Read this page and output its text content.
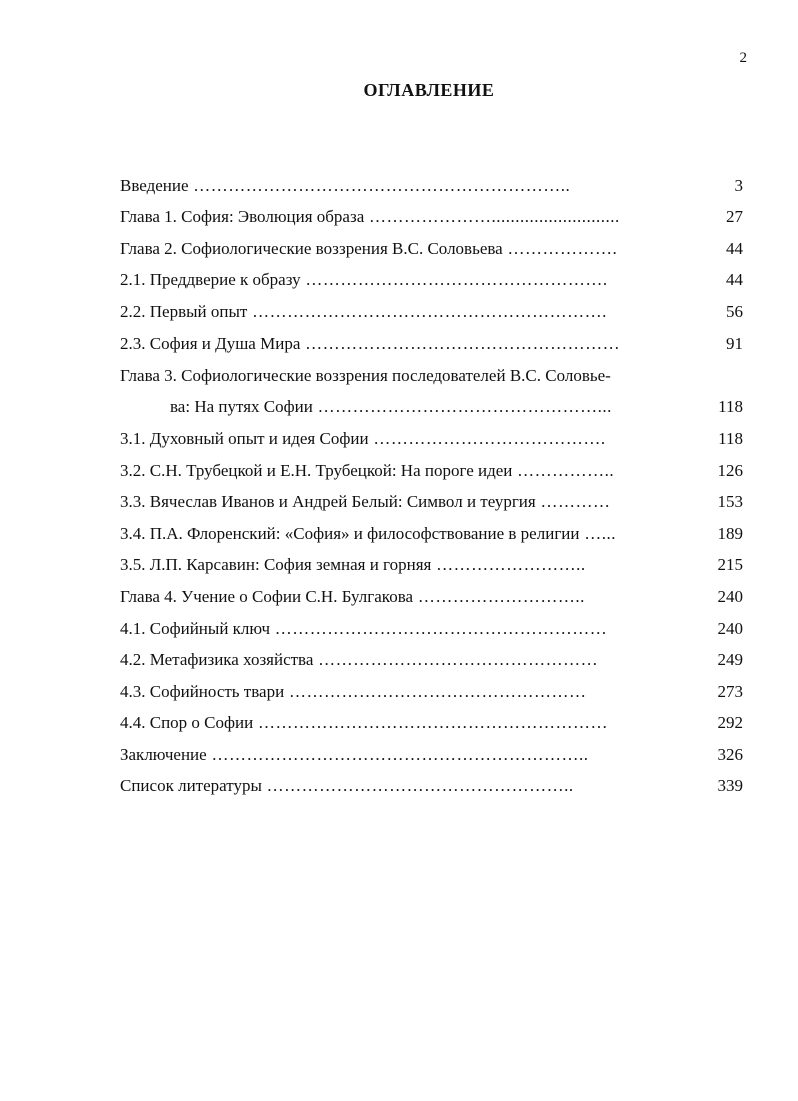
2
ОГЛАВЛЕНИЕ
Введение ………………………………………………………..	3
Глава 1. София: Эволюция образа …………………...........................	27
Глава 2. Софиологические воззрения В.С. Соловьева ……………….	44
2.1. Преддверие к образу …………………………………………….	44
2.2. Первый опыт …………………………………………………….	56
2.3. София и Душа Мира ………………………………………………	91
Глава 3. Софиологические воззрения последователей В.С. Соловье-
ва: На путях Софии …………………………………………...	118
3.1. Духовный опыт и идея Софии ………………………………….	118
3.2. С.Н. Трубецкой и Е.Н. Трубецкой: На пороге идеи ……………..	126
3.3. Вячеслав Иванов и Андрей Белый: Символ и теургия …………	153
3.4. П.А. Флоренский: «София» и философствование в религии …...	189
3.5. Л.П. Карсавин: София земная и горняя ……………………..	215
Глава 4. Учение о Софии С.Н. Булгакова ………………………..	240
4.1. Софийный ключ …………………………………………………	240
4.2. Метафизика хозяйства …………………………………………	249
4.3. Софийность твари ……………………………………………	273
4.4. Спор о Софии ……………………………………………………	292
Заключение ………………………………………………………..	326
Список литературы ……………………………………………..	339
